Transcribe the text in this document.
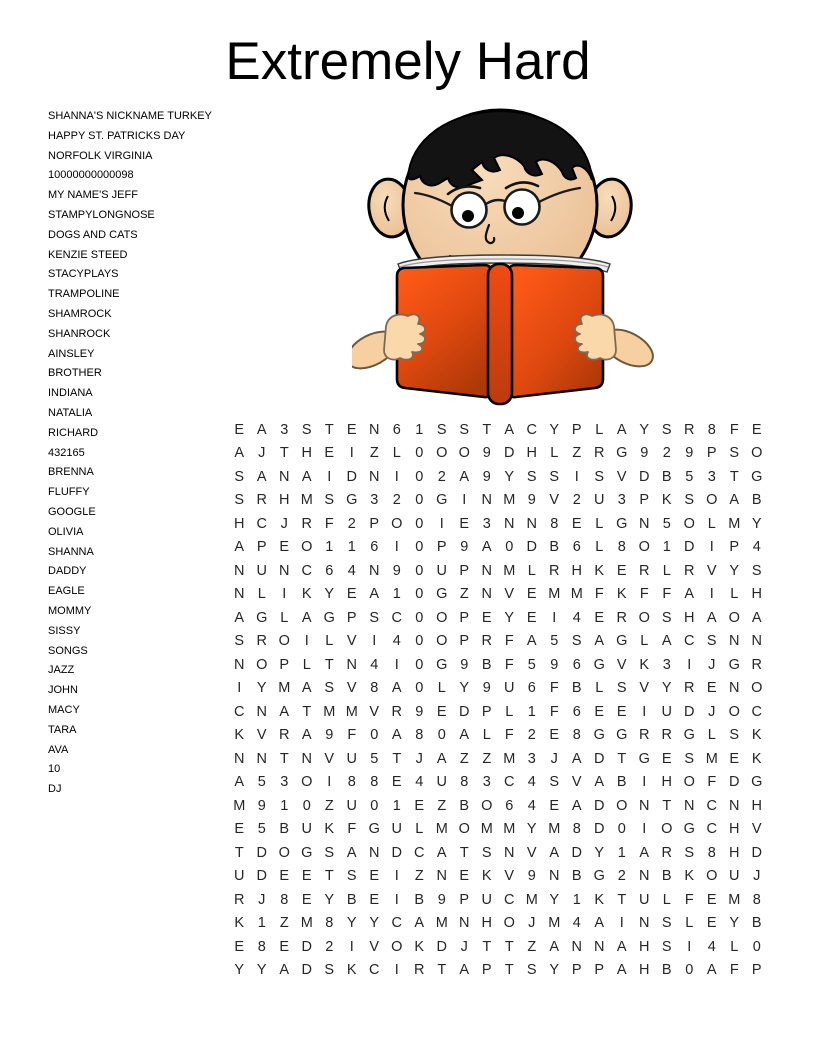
Extremely Hard
SHANNA'S NICKNAME TURKEY
HAPPY ST. PATRICKS DAY
NORFOLK VIRGINIA
10000000000098
MY NAME'S JEFF
STAMPYLONGNOSE
DOGS AND CATS
KENZIE STEED
STACYPLAYS
TRAMPOLINE
SHAMROCK
SHANROCK
AINSLEY
BROTHER
INDIANA
NATALIA
RICHARD
432165
BRENNA
FLUFFY
GOOGLE
OLIVIA
SHANNA
DADDY
EAGLE
MOMMY
SISSY
SONGS
JAZZ
JOHN
MACY
TARA
AVA
10
DJ
E A 3 S T E N 6 1 S S T A C Y P L A Y S R 8 F E
A J T H E	I	Z L 0 O O 9 D H L Z R G 9 2 9 P S O
S A N A	I	D N	I	0 2 A 9 Y S S	I	S V D B 5 3 T G
S R H M S G 3 2 0 G	I	N M 9 V 2 U 3 P K S O A B
H C J R F 2 P O 0	I	E 3 N N 8 E L G N 5 O L M Y
A P E O 1 1 6	I	0 P 9 A 0 D B 6 L 8 O 1 D	I	P 4
N U N C 6 4 N 9 0 U P N M L R H K E R L R V Y S
N L	I	K Y E A 1 0 G Z N V E M M F K F F A	I	L H
A G L A G P S C 0 O P E Y E	I	4 E R O S H A O A
S R O	I	L V	I	4 0 O P R F A 5 S A G L A C S N N
N O P L T N 4	I	0 G 9 B F 5 9 6 G V K 3	I	J G R
I	Y M A S V 8 A 0 L Y 9 U 6 F B L S V Y R E N O
C N A T M M V R 9 E D P L 1 F 6 E E	I	U D J O C
K V R A 9 F 0 A 8 0 A L F 2 E 8 G G R R G L S K
N N T N V U 5 T J A Z Z M 3	J A D T G E S M E K
A 5 3 O	I	8 8 E 4 U 8 3 C 4 S V A B	I	H O F D G
M 9 1 0 Z U 0 1 E Z B O 6 4 E A D O N T N C N H
E 5 B U K F G U L M O M M Y M 8 D 0	I	O G C H V
T D O G S A N D C A T S N V A D Y 1 A R S 8 H D
U D E E T S E	I	Z N E K V 9 N B G 2 N B K O U J
R J	8 E Y B E	I	B 9 P U C M Y 1 K T U L F E M 8
K 1 Z M 8 Y Y C A M N H O J M 4 A	I	N S L E Y B
E 8 E D 2	I	V O K D J T T Z A N N A H S	I	4 L 0
Y Y A D S K C	I	R T A P T S Y P P A H B 0 A F P
